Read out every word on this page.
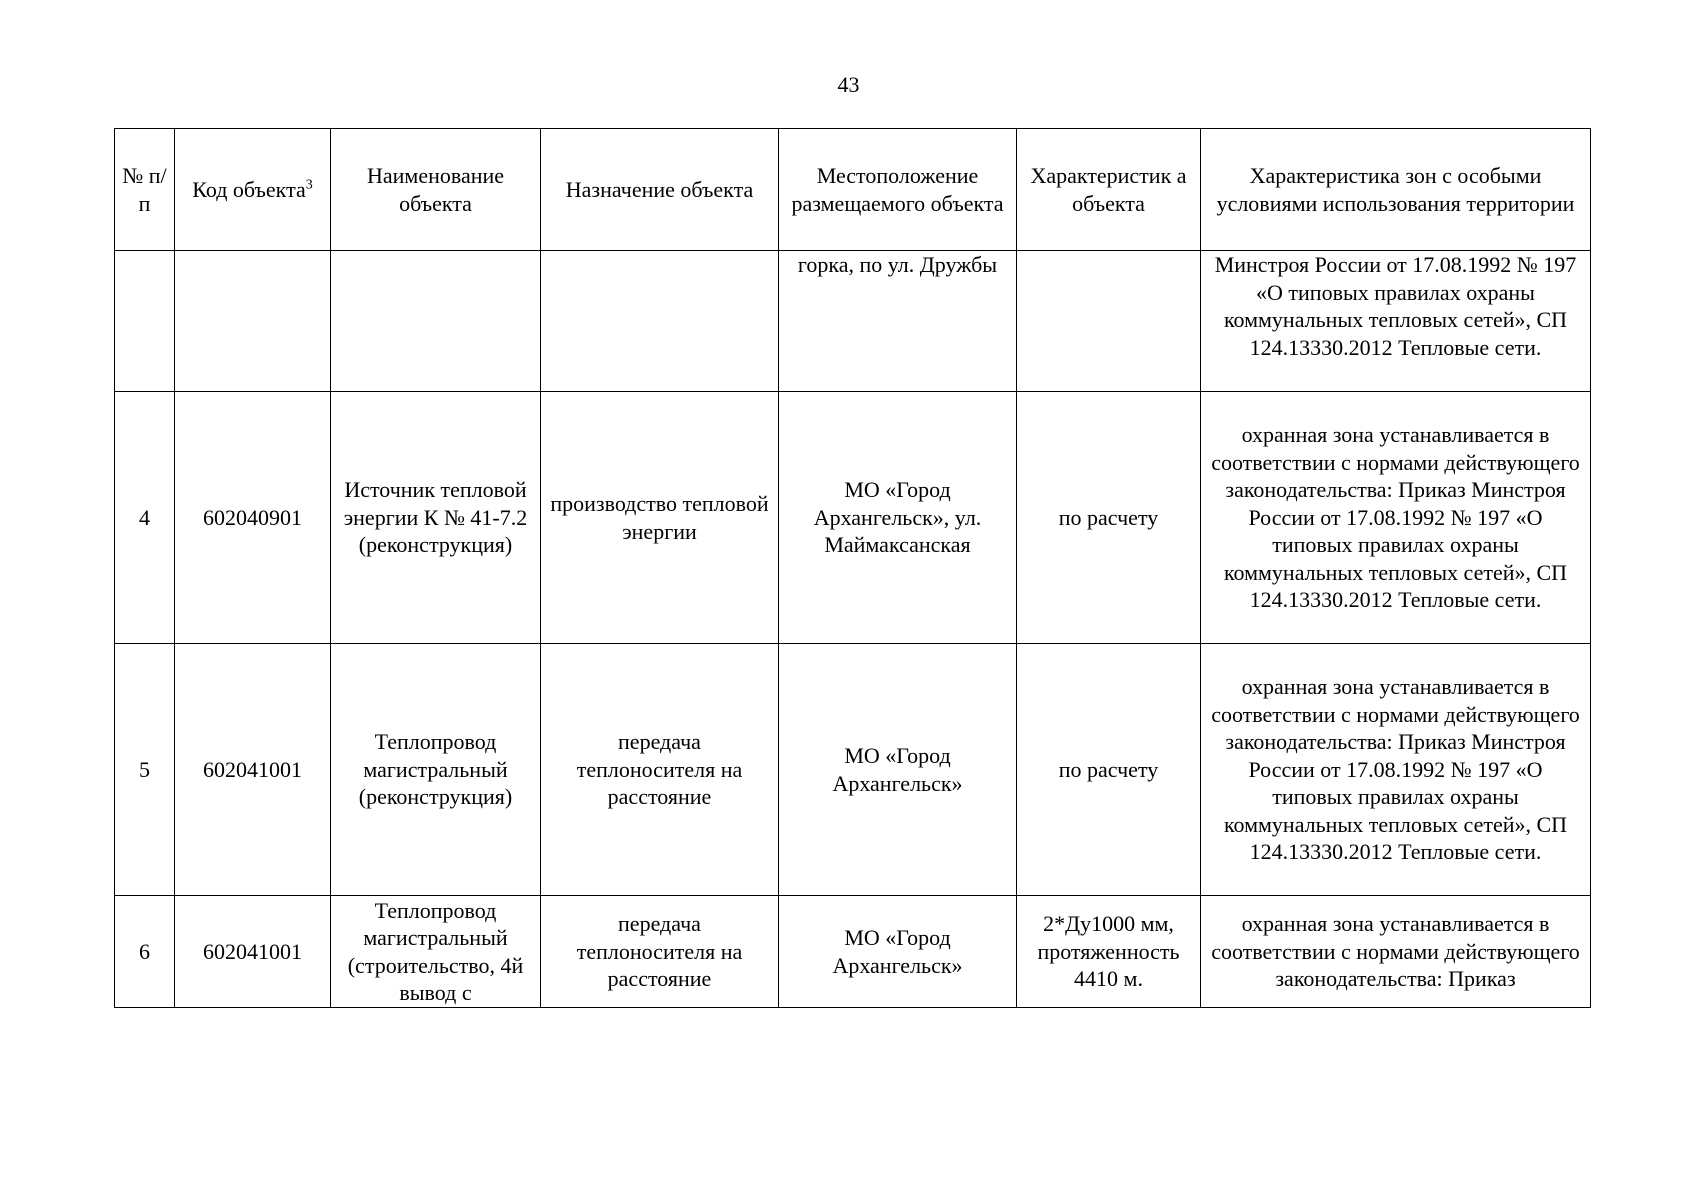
43
№ п/п	Код объекта$^3$	Наименование объекта	Назначение объекта	Местоположение размещаемого объекта	Характеристик а объекта	Характеристика зон с особыми условиями использования территории
				горка, по ул. Дружбы		Минстроя России от 17.08.1992 № 197 «О типовых правилах охраны коммунальных тепловых сетей», СП 124.13330.2012 Тепловые сети.
4	602040901	Источник тепловой энергии К № 41-7.2 (реконструкция)	производство тепловой энергии	МО «Город Архангельск», ул. Маймаксанская	по расчету	охранная зона устанавливается в соответствии с нормами действующего законодательства: Приказ Минстроя России от 17.08.1992 № 197 «О типовых правилах охраны коммунальных тепловых сетей», СП 124.13330.2012 Тепловые сети.
5	602041001	Теплопровод магистральный (реконструкция)	передача теплоносителя на расстояние	МО «Город Архангельск»	по расчету	охранная зона устанавливается в соответствии с нормами действующего законодательства: Приказ Минстроя России от 17.08.1992 № 197 «О типовых правилах охраны коммунальных тепловых сетей», СП 124.13330.2012 Тепловые сети.
6	602041001	Теплопровод магистральный (строительство, 4й вывод с	передача теплоносителя на расстояние	МО «Город Архангельск»	2*Ду1000 мм, протяженность 4410 м.	охранная зона устанавливается в соответствии с нормами действующего законодательства: Приказ
